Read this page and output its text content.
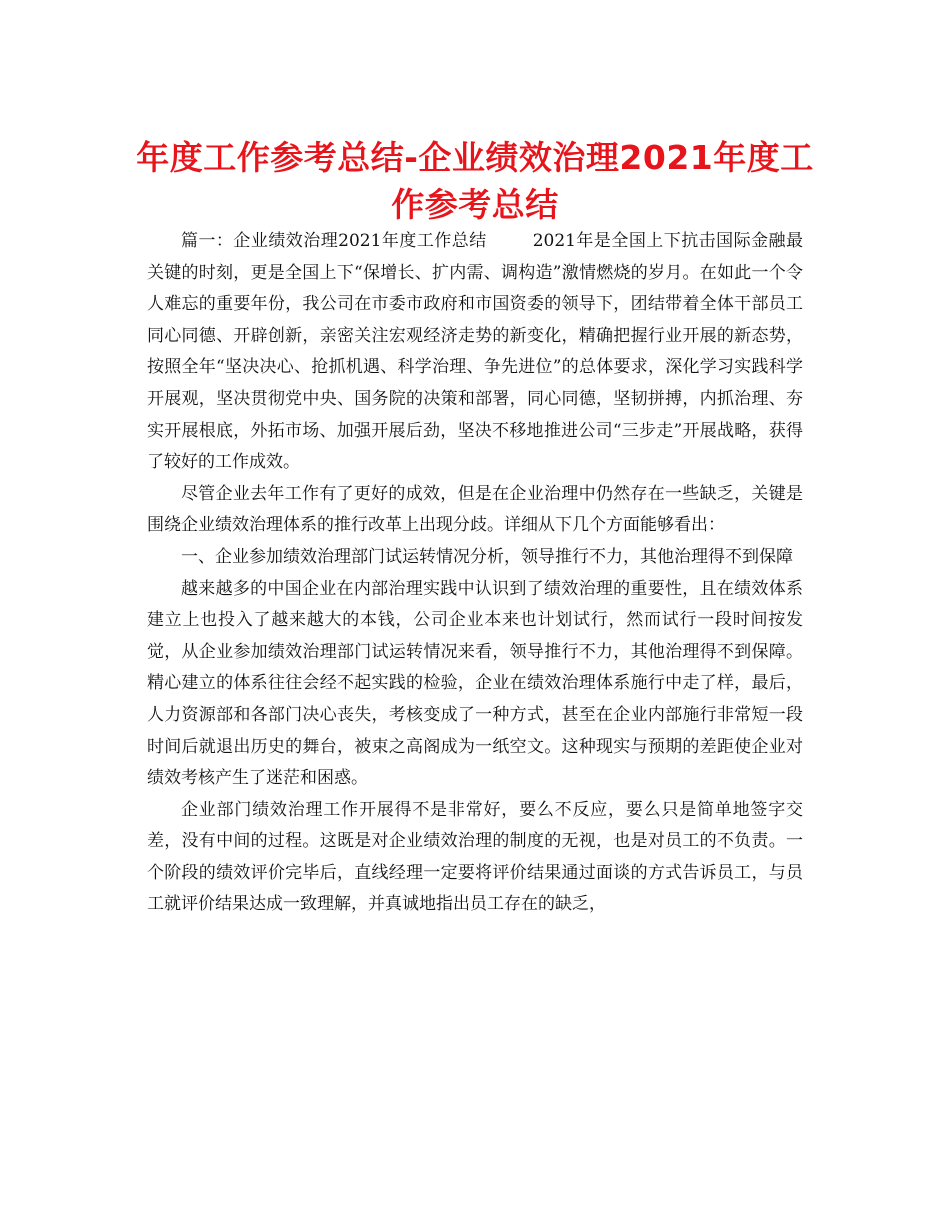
年度工作参考总结-企业绩效治理2021年度工作参考总结

篇一：企业绩效治理2021年度工作总结	2021年是全国上下抗击国际金融最关键的时刻，更是全国上下“保增长、扩内需、调构造”激情燃烧的岁月。在如此一个令人难忘的重要年份，我公司在市委市政府和市国资委的领导下，团结带着全体干部员工同心同德、开辟创新，亲密关注宏观经济走势的新变化，精确把握行业开展的新态势，按照全年“坚决决心、抢抓机遇、科学治理、争先进位”的总体要求，深化学习实践科学开展观，坚决贯彻党中央、国务院的决策和部署，同心同德，坚韧拼搏，内抓治理、夯实开展根底，外拓市场、加强开展后劲，坚决不移地推进公司“三步走”开展战略，获得了较好的工作成效。

尽管企业去年工作有了更好的成效，但是在企业治理中仍然存在一些缺乏，关键是围绕企业绩效治理体系的推行改革上出现分歧。详细从下几个方面能够看出：

一、企业参加绩效治理部门试运转情况分析，领导推行不力，其他治理得不到保障

越来越多的中国企业在内部治理实践中认识到了绩效治理的重要性，且在绩效体系建立上也投入了越来越大的本钱，公司企业本来也计划试行，然而试行一段时间按发觉，从企业参加绩效治理部门试运转情况来看，领导推行不力，其他治理得不到保障。精心建立的体系往往会经不起实践的检验，企业在绩效治理体系施行中走了样，最后，人力资源部和各部门决心丧失，考核变成了一种方式，甚至在企业内部施行非常短一段时间后就退出历史的舞台，被束之高阁成为一纸空文。这种现实与预期的差距使企业对绩效考核产生了迷茫和困惑。

企业部门绩效治理工作开展得不是非常好，要么不反应，要么只是简单地签字交差，没有中间的过程。这既是对企业绩效治理的制度的无视，也是对员工的不负责。一个阶段的绩效评价完毕后，直线经理一定要将评价结果通过面谈的方式告诉员工，与员工就评价结果达成一致理解，并真诚地指出员工存在的缺乏，
